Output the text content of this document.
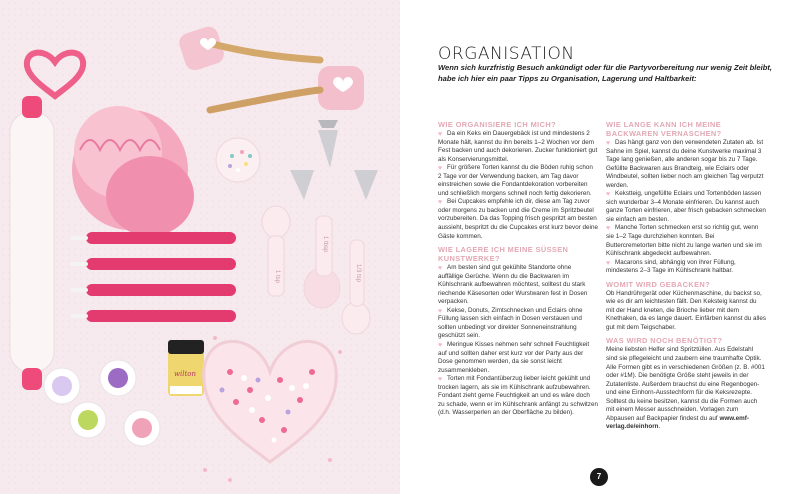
1 tsp
1 tbsp
1/3 tsp
wilton
ORGANISATION
Wenn sich kurzfristig Besuch ankündigt oder für die Partyvorbereitung nur wenig Zeit bleibt, habe ich hier ein paar Tipps zu Organisation, Lagerung und Haltbarkeit:
WIE ORGANISIERE ICH MICH?
♥ Da ein Keks ein Dauergebäck ist und mindestens 2 Monate hält, kannst du ihn bereits 1–2 Wochen vor dem Fest backen und auch dekorieren. Zucker funktioniert gut als Konservierungsmittel.
♥ Für größere Torten kannst du die Böden ruhig schon 2 Tage vor der Verwendung backen, am Tag davor einstreichen sowie die Fondantdekoration vorbereiten und schließlich morgens schnell noch fertig dekorieren.
♥ Bei Cupcakes empfehle ich dir, diese am Tag zuvor oder morgens zu backen und die Creme im Spritzbeutel vorzubereiten. Da das Topping frisch gespritzt am besten aussieht, bespritzt du die Cupcakes erst kurz bevor deine Gäste kommen.
WIE LAGERE ICH MEINE SÜSSEN KUNSTWERKE?
♥ Am besten sind gut gekühlte Standorte ohne auffällige Gerüche. Wenn du die Backwaren im Kühlschrank aufbewahren möchtest, solltest du stark riechende Käsesorten oder Wurstwaren fest in Dosen verpacken.
♥ Kekse, Donuts, Zimtschnecken und Eclairs ohne Füllung lassen sich einfach in Dosen verstauen und sollten unbedingt vor direkter Sonneneinstrahlung geschützt sein.
♥ Meringue Kisses nehmen sehr schnell Feuchtigkeit auf und sollten daher erst kurz vor der Party aus der Dose genommen werden, da sie sonst leicht zusammenkleben.
♥ Torten mit Fondantüberzug lieber leicht gekühlt und trocken lagern, als sie im Kühlschrank aufzubewahren. Fondant zieht gerne Feuchtigkeit an und es wäre doch zu schade, wenn er im Kühlschrank anfängt zu schwitzen (d.h. Wasserperlen an der Oberfläche zu bilden).
WIE LANGE KANN ICH MEINE BACKWAREN VERNASCHEN?
♥ Das hängt ganz von den verwendeten Zutaten ab. Ist Sahne im Spiel, kannst du deine Kunstwerke maximal 3 Tage lang genießen, alle anderen sogar bis zu 7 Tage. Gefüllte Backwaren aus Brandteig, wie Eclairs oder Windbeutel, sollten lieber noch am gleichen Tag verputzt werden.
♥ Kekstteig, ungefüllte Eclairs und Tortenböden lassen sich wunderbar 3–4 Monate einfrieren. Du kannst auch ganze Torten einfrieren, aber frisch gebacken schmecken sie einfach am besten.
♥ Manche Torten schmecken erst so richtig gut, wenn sie 1–2 Tage durchziehen konnten. Bei Buttercremetorten bitte nicht zu lange warten und sie im Kühlschrank abgedeckt aufbewahren.
♥ Macarons sind, abhängig von ihrer Füllung, mindestens 2–3 Tage im Kühlschrank haltbar.
WOMIT WIRD GEBACKEN?
Ob Handrührgerät oder Küchenmaschine, du backst so, wie es dir am leichtesten fällt. Den Keksteig kannst du mit der Hand kneten, die Brioche lieber mit dem Knethaken, da es lange dauert. Einfärben kannst du alles gut mit dem Teigschaber.
WAS WIRD NOCH BENÖTIGT?
Meine liebsten Helfer sind Spritztüllen. Aus Edelstahl sind sie pflegeleicht und zaubern eine traumhafte Optik. Alle Formen gibt es in verschiedenen Größen (z. B. #001 oder #1M). Die benötigte Größe steht jeweils in der Zutatenliste. Außerdem brauchst du eine Regenbogen- und eine Einhorn-Ausstechform für die Keksrezepte. Solltest du keine besitzen, kannst du die Formen auch mit einem Messer ausschneiden. Vorlagen zum Abpausen auf Backpapier findest du auf www.emf-verlag.de/einhorn.
7
